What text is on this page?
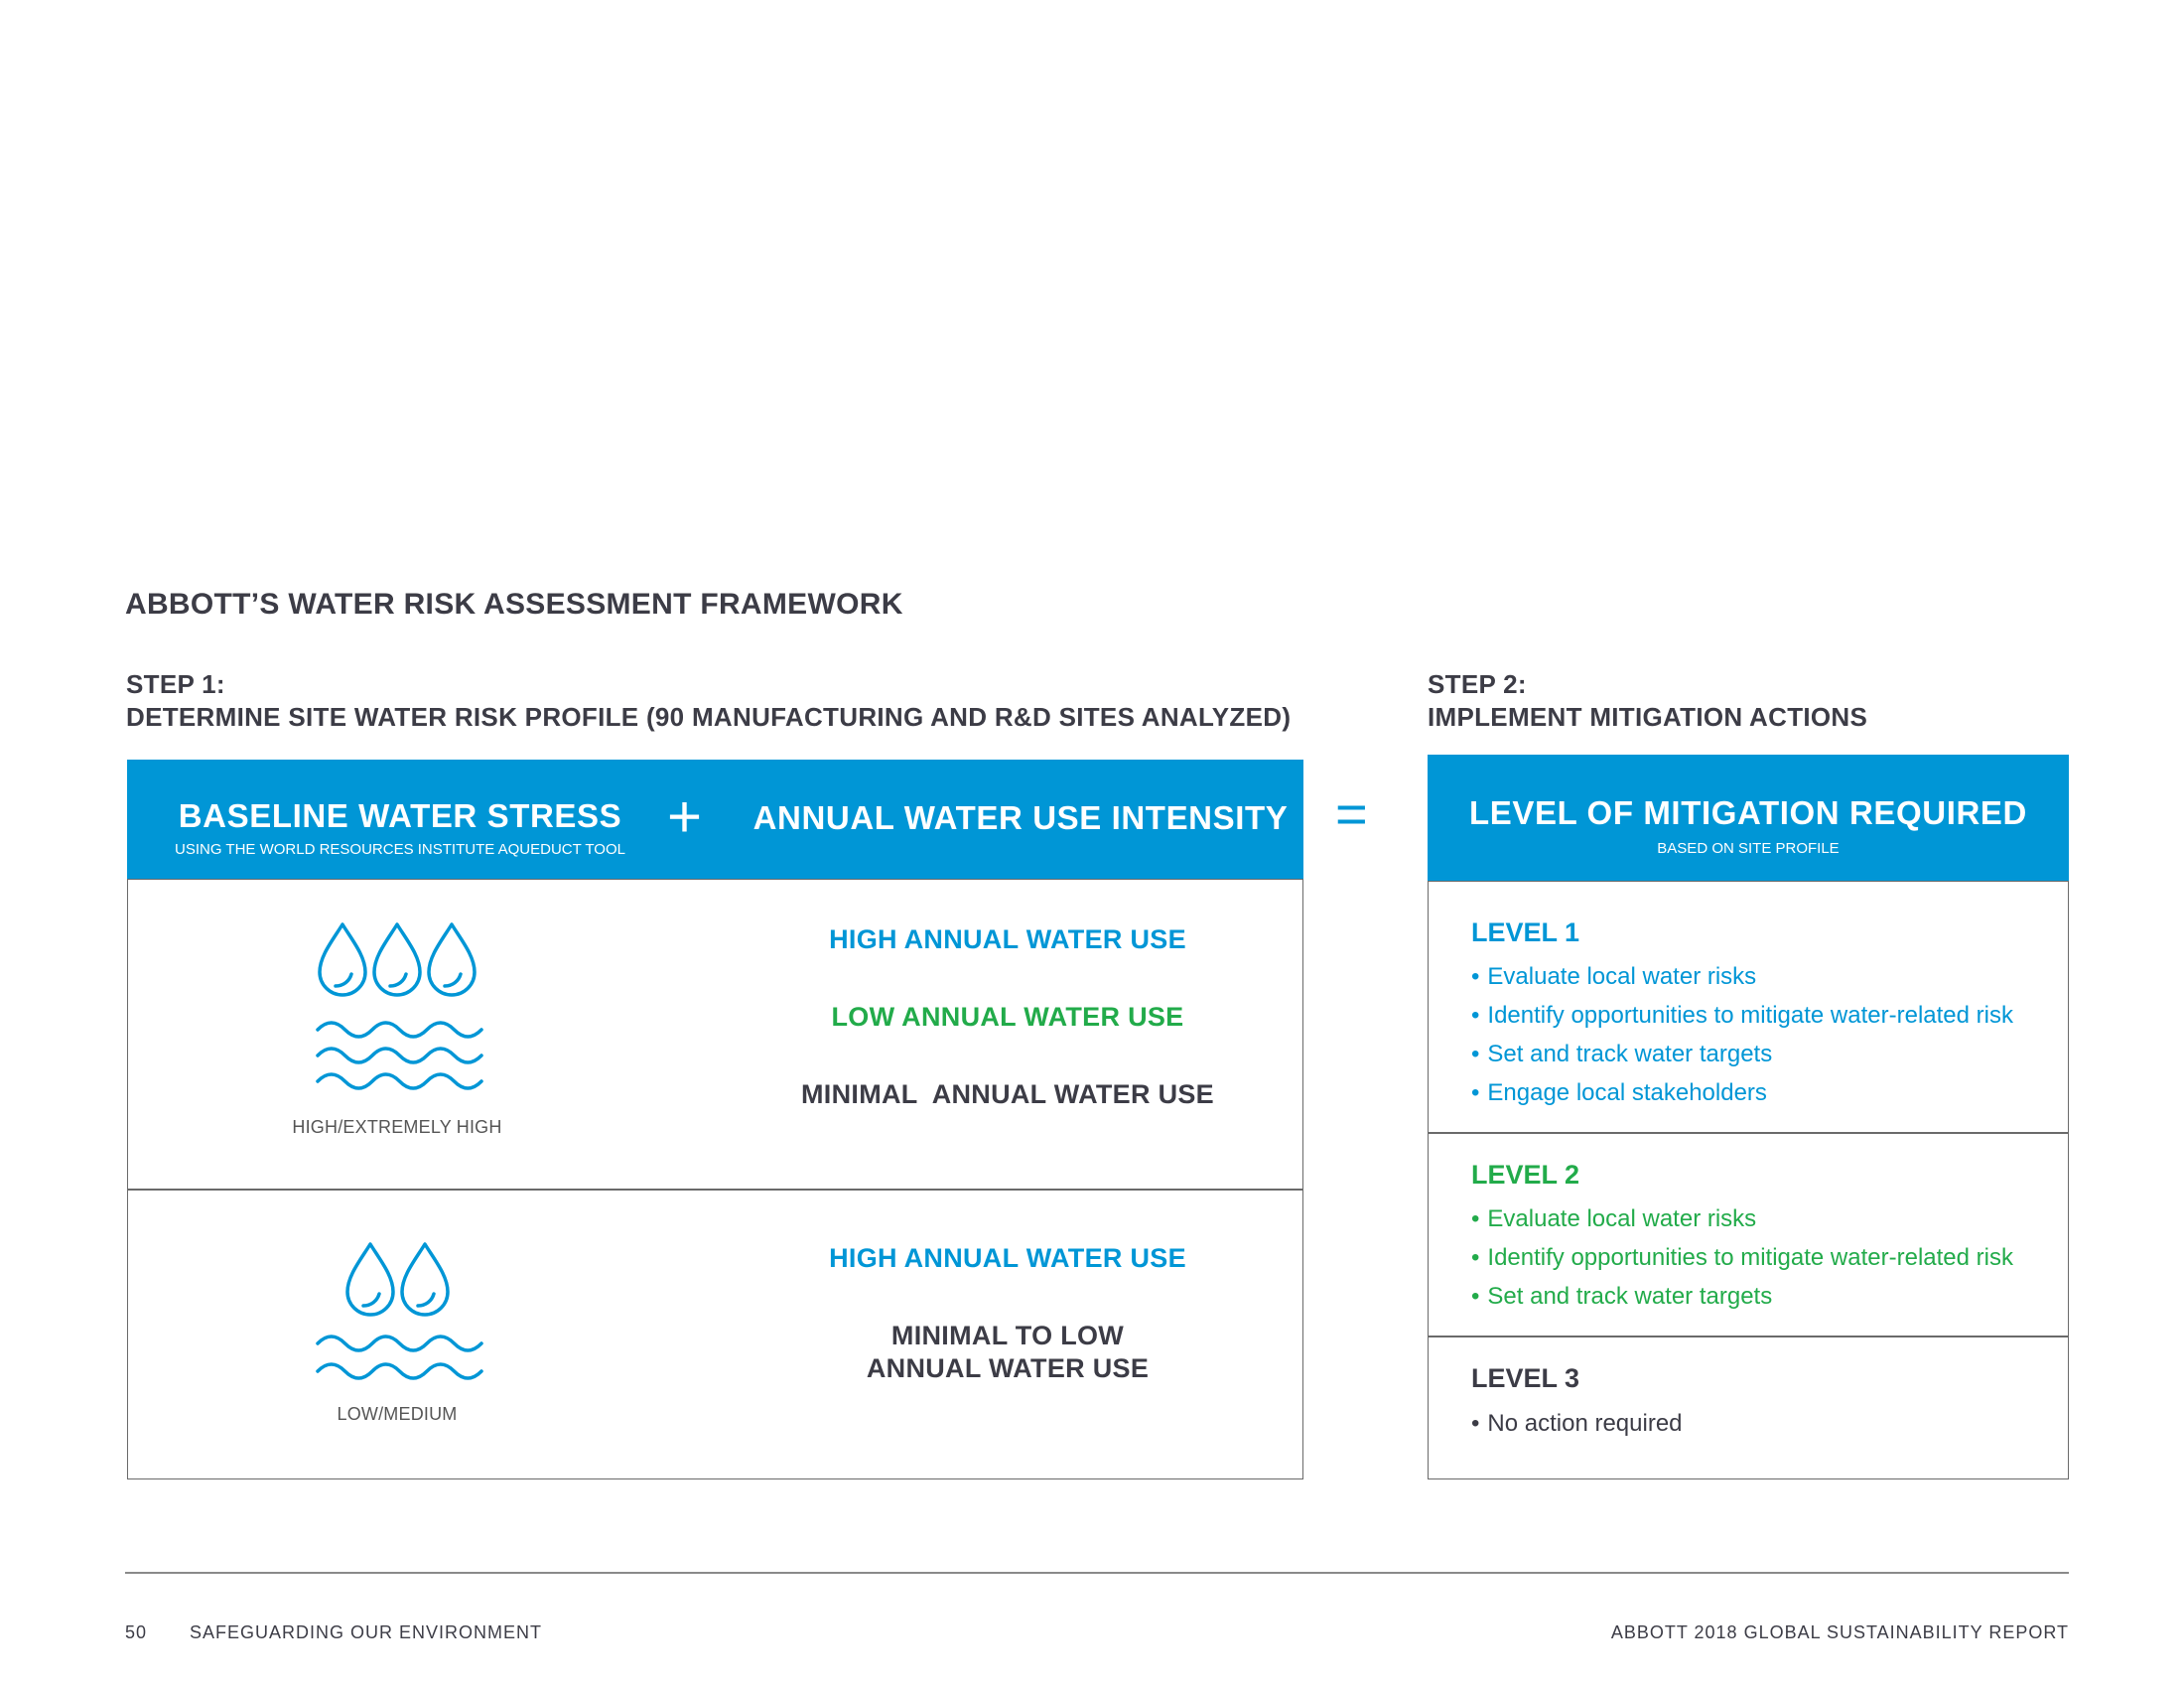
ABBOTT’S WATER RISK ASSESSMENT FRAMEWORK
STEP 1:
DETERMINE SITE WATER RISK PROFILE (90 MANUFACTURING AND R&D SITES ANALYZED)
STEP 2:
IMPLEMENT MITIGATION ACTIONS
BASELINE WATER STRESS
USING THE WORLD RESOURCES INSTITUTE AQUEDUCT TOOL
ANNUAL WATER USE INTENSITY
+	=	LEVEL OF MITIGATION REQUIRED
BASED ON SITE PROFILE
HIGH/EXTREMELY HIGH
HIGH ANNUAL WATER USE
LOW ANNUAL WATER USE
MINIMAL  ANNUAL WATER USE
LOW/MEDIUM
HIGH ANNUAL WATER USE
MINIMAL TO LOW
ANNUAL WATER USE
LEVEL 1
• Evaluate local water risks
• Identify opportunities to mitigate water-related risk
• Set and track water targets
• Engage local stakeholders
LEVEL 2
• Evaluate local water risks
• Identify opportunities to mitigate water-related risk
• Set and track water targets
LEVEL 3
• No action required
50 SAFEGUARDING OUR ENVIRONMENT	ABBOTT 2018 GLOBAL SUSTAINABILITY REPORT
